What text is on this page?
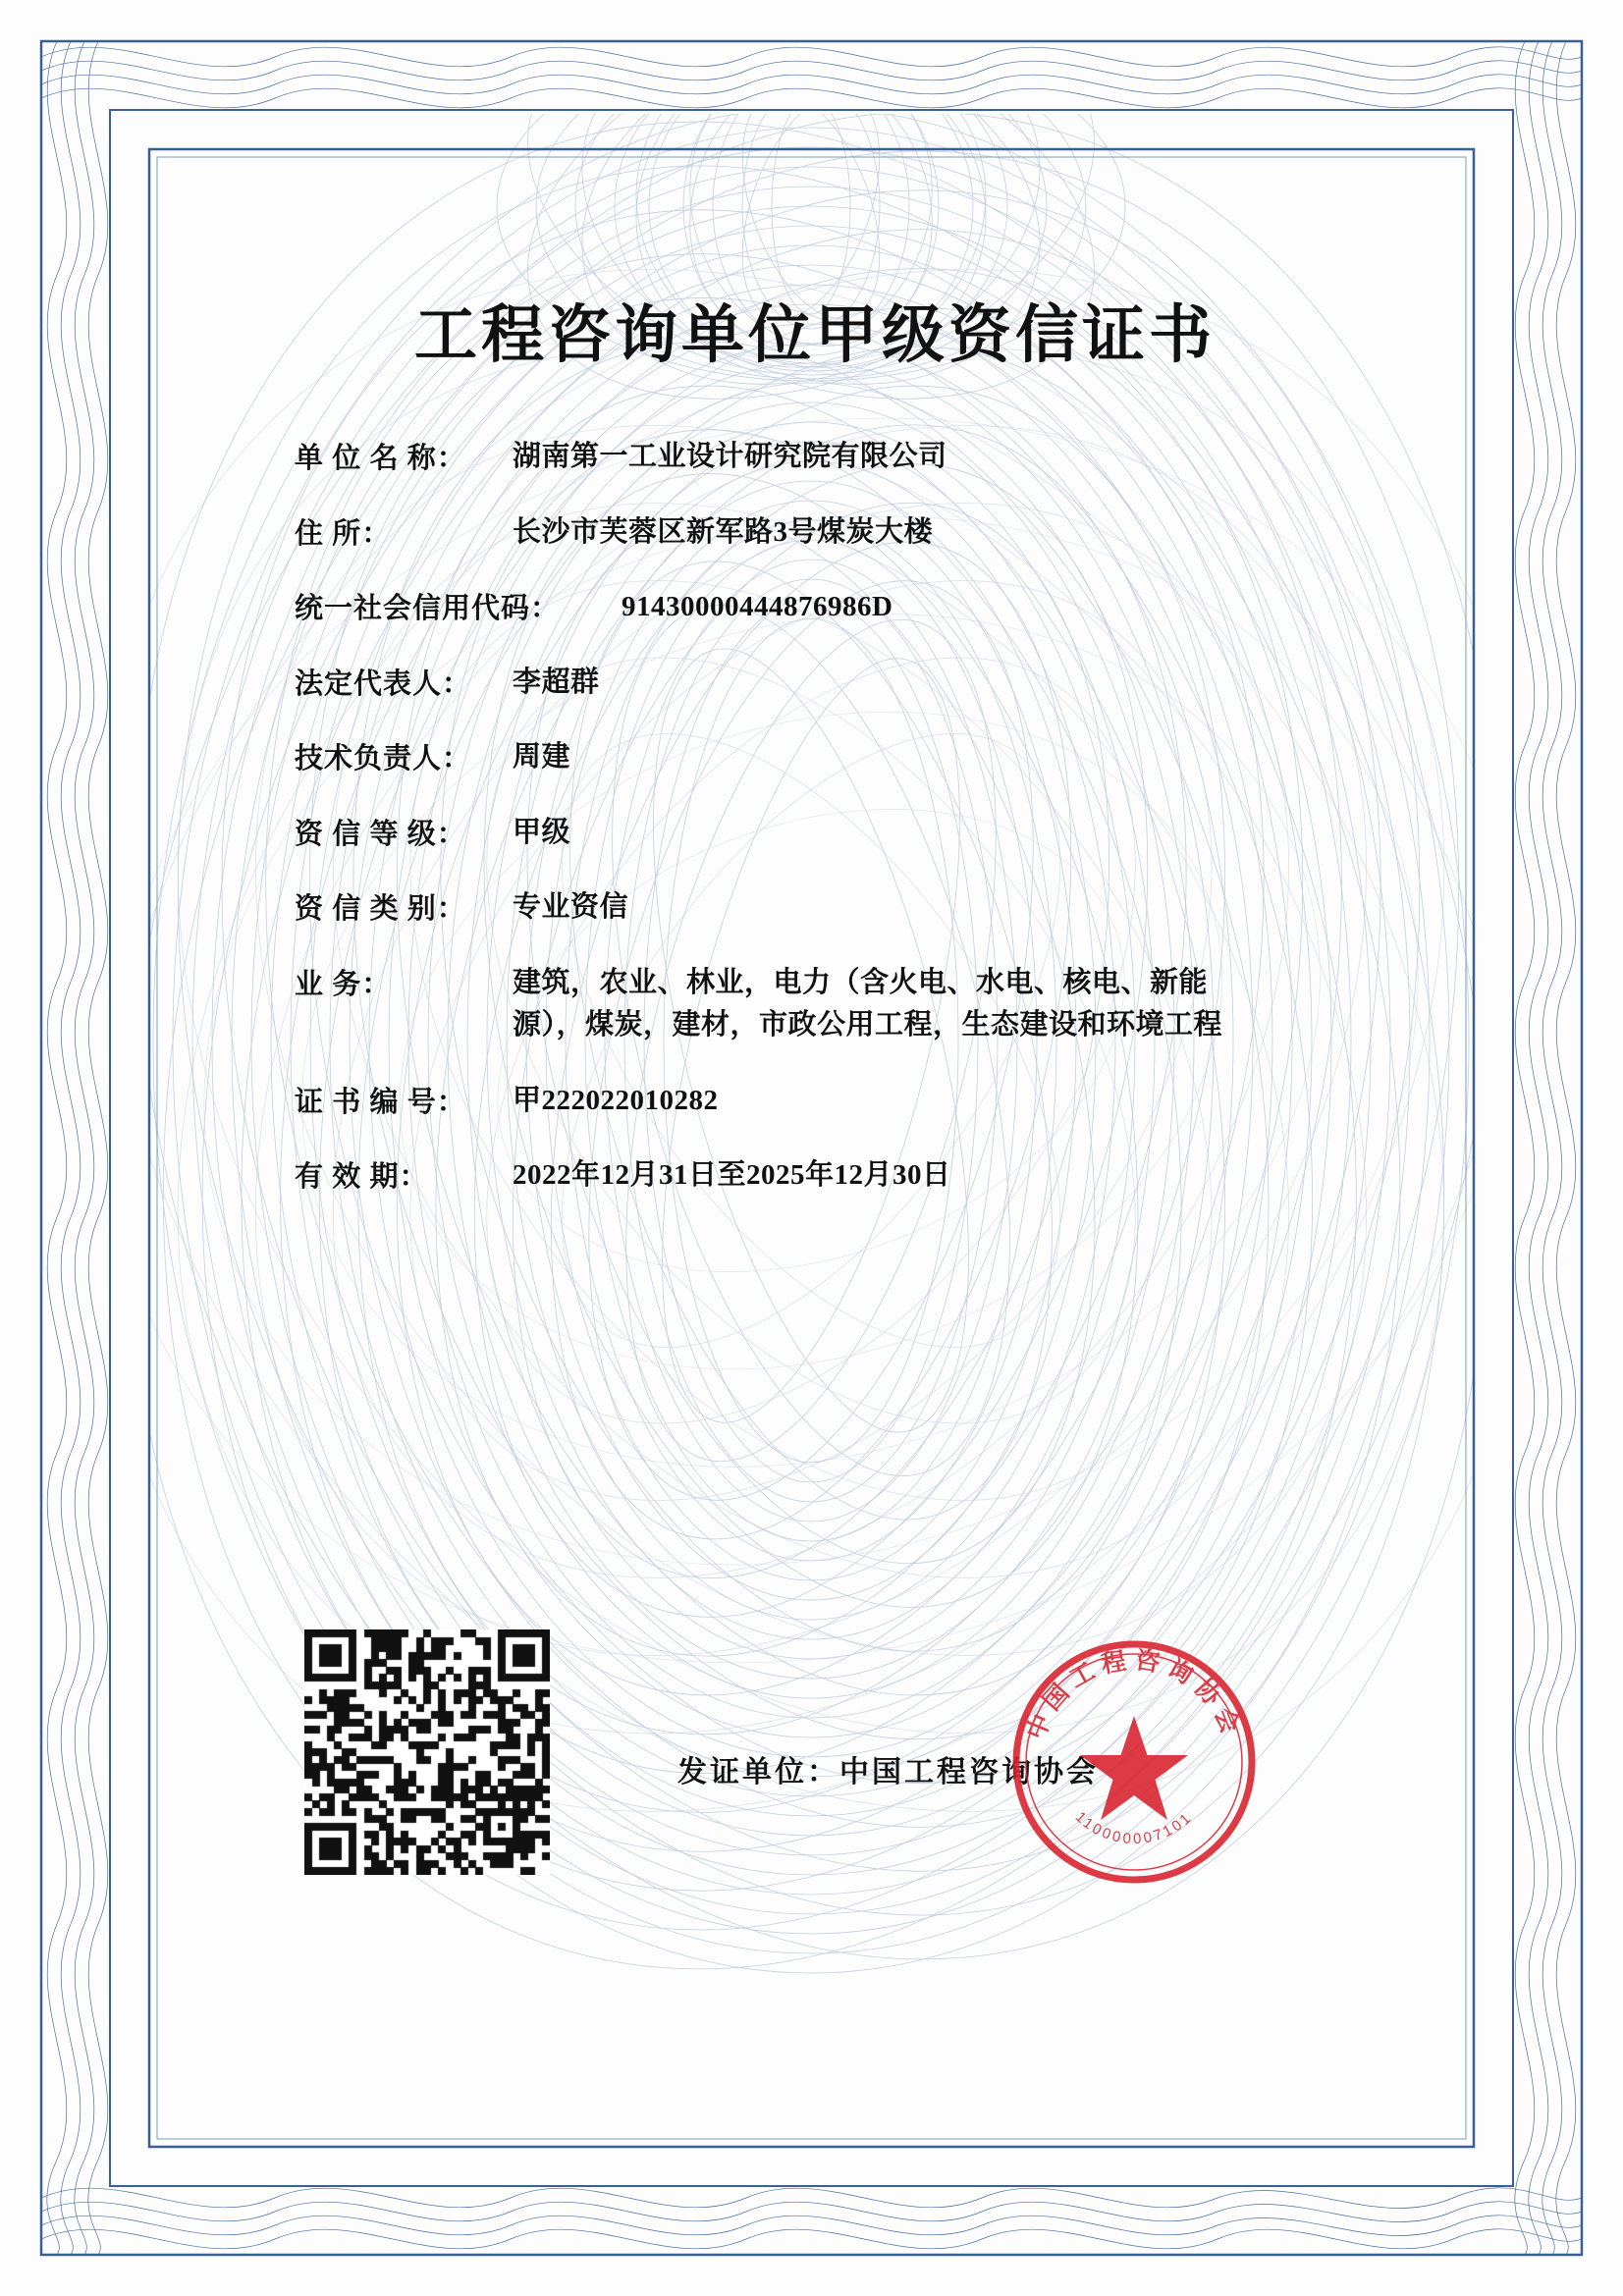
工程咨询单位甲级资信证书
单 位 名 称：	湖南第一工业设计研究院有限公司
住 所：	长沙市芙蓉区新军路3号煤炭大楼
统一社会信用代码：	91430000444876986D
法定代表人：	李超群
技术负责人：	周建
资 信 等 级：	甲级
资 信 类 别：	专业资信
业 务：	建筑，农业、林业，电力（含火电、水电、核电、新能源），煤炭，建材，市政公用工程，生态建设和环境工程
证 书 编 号：	甲222022010282
有 效 期：	2022年12月31日至2025年12月30日
发证单位：中国工程咨询协会
中国工程咨询协会
110000007101
